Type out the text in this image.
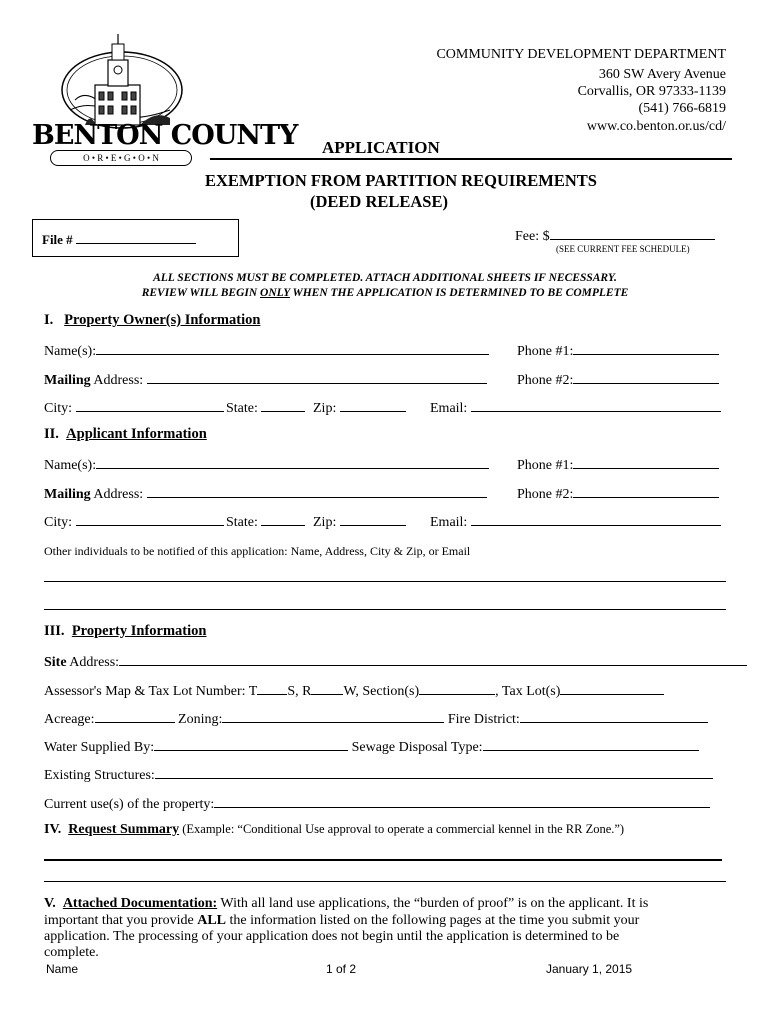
BENTON COUNTY
O • R • E • G • O • N
COMMUNITY DEVELOPMENT DEPARTMENT
360 SW Avery Avenue
Corvallis, OR 97333-1139
(541) 766-6819
www.co.benton.or.us/cd/
APPLICATION
EXEMPTION FROM PARTITION REQUIREMENTS
(DEED RELEASE)
File #	Fee: $
(SEE CURRENT FEE SCHEDULE)
ALL SECTIONS MUST BE COMPLETED. ATTACH ADDITIONAL SHEETS IF NECESSARY.
REVIEW WILL BEGIN ONLY WHEN THE APPLICATION IS DETERMINED TO BE COMPLETE
I. Property Owner(s) Information
Name(s):	Phone #1:
Mailing Address:	Phone #2:
City:	State:	Zip:	Email:
II. Applicant Information
Name(s):	Phone #1:
Mailing Address:	Phone #2:
City:	State:	Zip:	Email:
Other individuals to be notified of this application: Name, Address, City & Zip, or Email
III. Property Information
Site Address:
Assessor's Map & Tax Lot Number: T S, R W, Section(s)	, Tax Lot(s)
Acreage:	Zoning:	Fire District:
Water Supplied By:	Sewage Disposal Type:
Existing Structures:
Current use(s) of the property:
IV. Request Summary (Example: “Conditional Use approval to operate a commercial kennel in the RR Zone.”)
V. Attached Documentation: With all land use applications, the “burden of proof” is on the applicant. It is
important that you provide ALL the information listed on the following pages at the time you submit your
application. The processing of your application does not begin until the application is determined to be
complete.
Name	1 of 2	January 1, 2015
